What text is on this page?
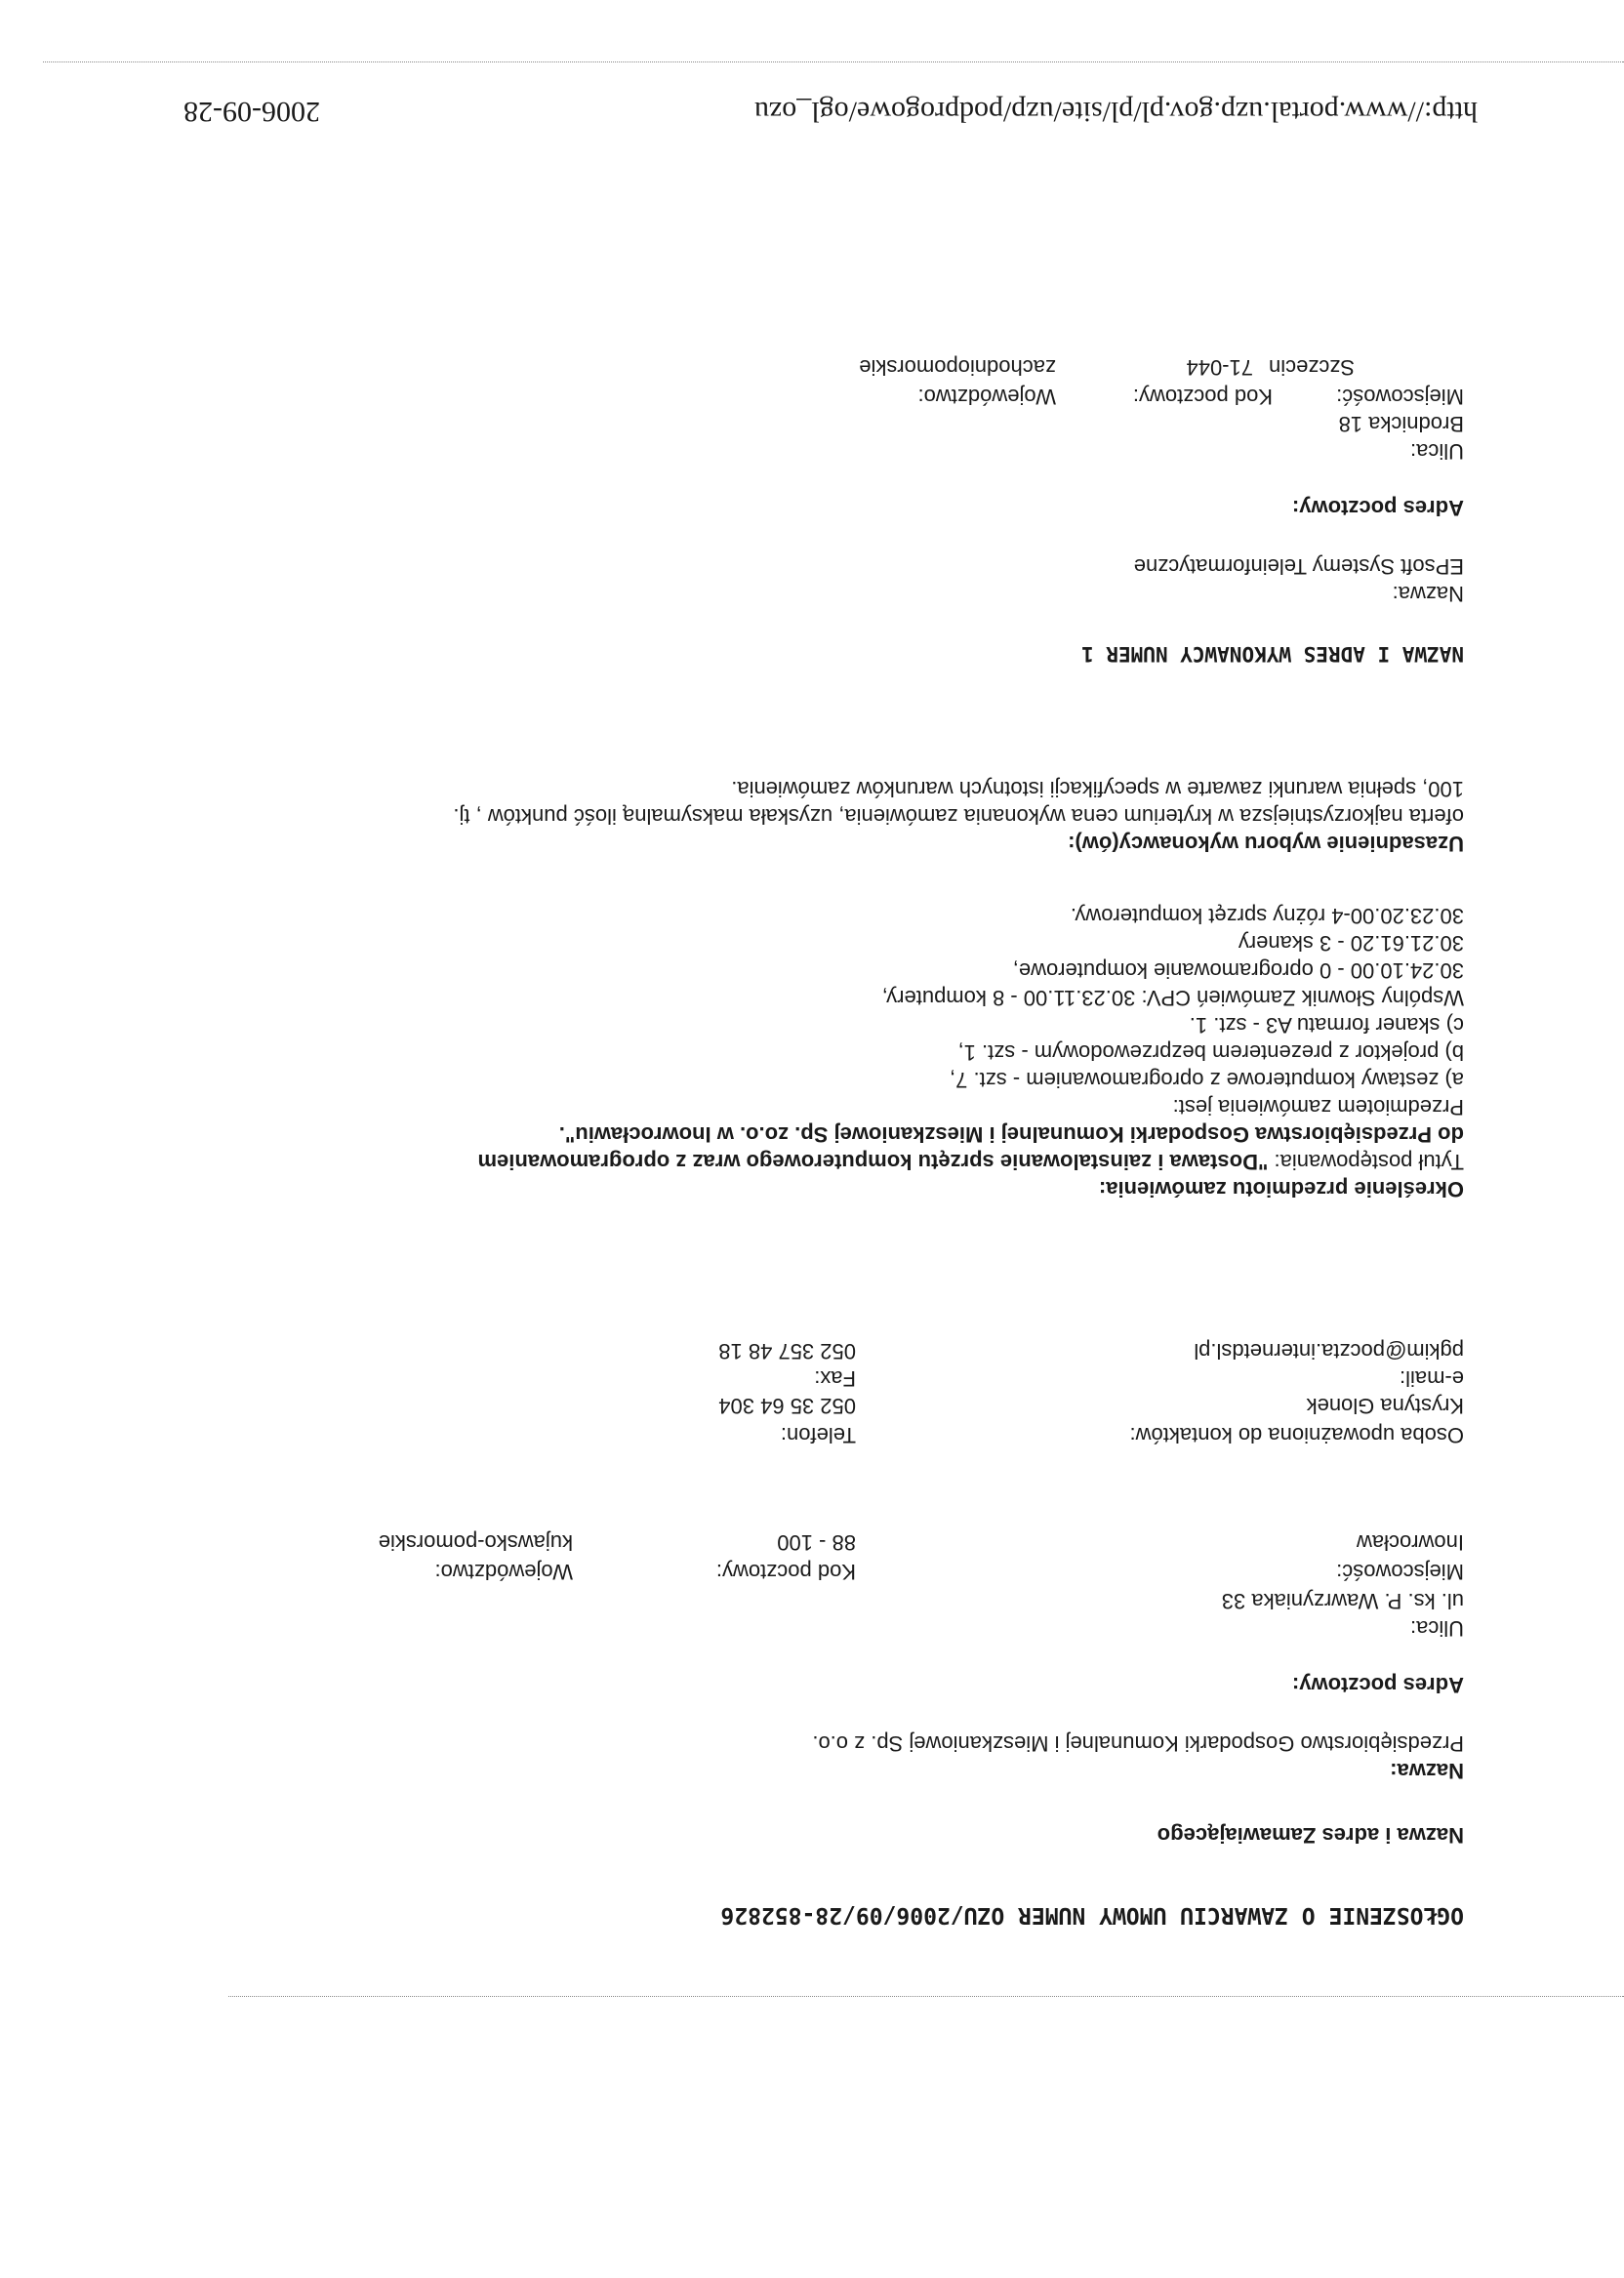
OGŁOSZENIE O ZAWARCIU UMOWY NUMER OZU/2006/09/28-852826
Nazwa i adres Zamawiającego
Nazwa:
Przedsiębiorstwo Gospodarki Komunalnej i Mieszkaniowej Sp. z o.o.
Adres pocztowy:
Ulica:
ul. ks. P. Wawrzyniaka 33
Miejscowość:
Kod pocztowy:
Województwo:
Inowrocław
88 - 100
kujawsko-pomorskie
Osoba upoważniona do kontaktów:
Telefon:
Krystyna Glonek
052 35 64 304
e-mail:
Fax:
pgkim@poczta.internetdsl.pl
052 357 48 18
Określenie przedmiotu zamówienia:
Tytuł postępowania: "Dostawa i zainstalowanie sprzętu komputerowego wraz z oprogramowaniem
do Przedsiębiorstwa Gospodarki Komunalnej i Mieszkaniowej Sp. zo.o. w Inowrocławiu".
Przedmiotem zamówienia jest:
a) zestawy komputerowe z oprogramowaniem - szt. 7,
b) projektor z prezenterem bezprzewodowym - szt. 1,
c) skaner formatu A3 - szt. 1.
Wspólny Słownik Zamówień CPV: 30.23.11.00 - 8 komputery,
30.24.10.00 - 0 oprogramowanie komputerowe,
30.21.61.20 - 3 skanery
30.23.20.00-4 różny sprzęt komputerowy.
Uzasadnienie wyboru wykonawcy(ów):
oferta najkorzystniejsza w kryterium cena wykonania zamówienia, uzyskała maksymalną ilość punktów , tj.
100, spełnia warunki zawarte w specyfikacji istotnych warunków zamówienia.
NAZWA I ADRES WYKONAWCY NUMER 1
Nazwa:
EPsoft Systemy Teleinformatyczne
Adres pocztowy:
Ulica:
Brodnicka 18
Miejscowość:
Kod pocztowy:
Województwo:
Szczecin
71-044
zachodniopomorskie
http://www.portal.uzp.gov.pl/pl/site/uzp/podprogowe/ogl_ozu
2006-09-28
